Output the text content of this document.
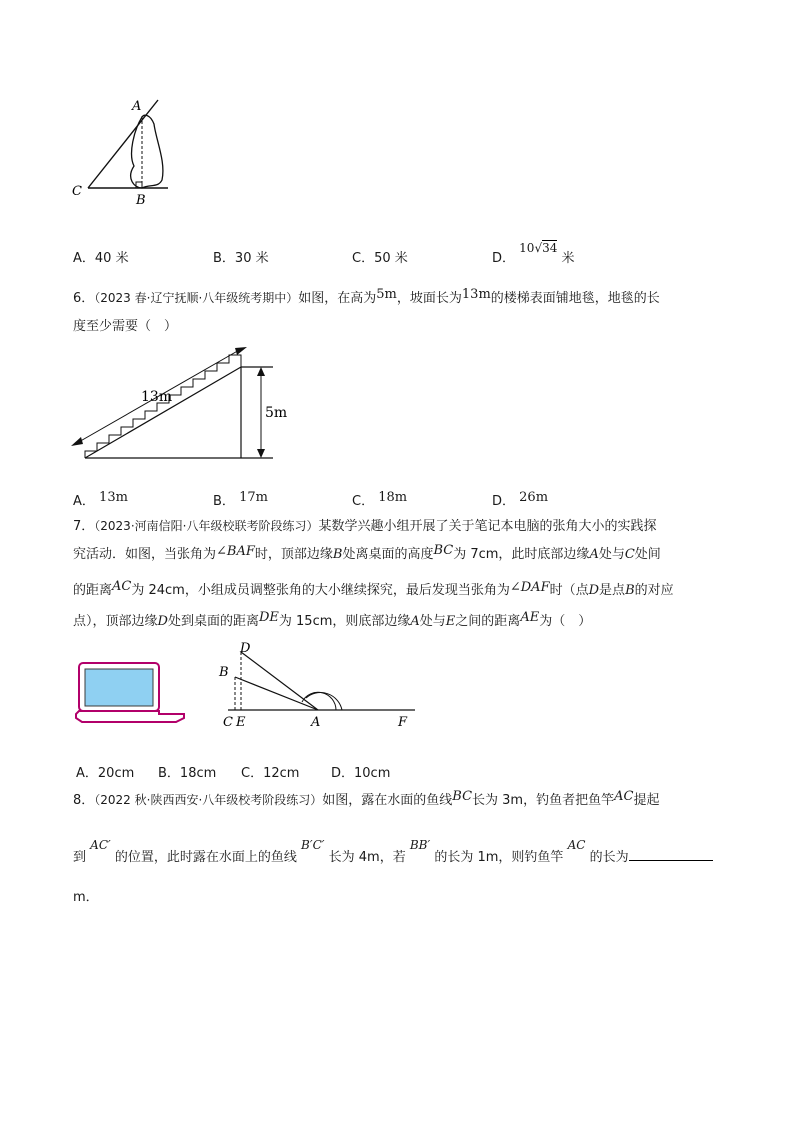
A
B
C
A．40 米	B．30 米	C．50 米	D． 10√34 米
6．（2023 春·辽宁抚顺·八年级统考期中）如图，在高为5m，坡面长为13m的楼梯表面铺地毯，地毯的长
度至少需要（　）
13m
5m
A． 13m	B． 17m	C． 18m	D． 26m
7．（2023·河南信阳·八年级校联考阶段练习）某数学兴趣小组开展了关于笔记本电脑的张角大小的实践探
究活动．如图，当张角为∠BAF时，顶部边缘B处离桌面的高度BC为 7cm，此时底部边缘A处与C处间
的距离AC为 24cm，小组成员调整张角的大小继续探究，最后发现当张角为∠DAF时（点D是点B的对应
点），顶部边缘D处到桌面的距离DE为 15cm，则底部边缘A处与E之间的距离AE为（　）
D
B
C E	A	F
A．20cm B．18cm C．12cm D．10cm
8．（2022 秋·陕西西安·八年级校考阶段练习）如图，露在水面的鱼线BC长为 3m，钓鱼者把鱼竿AC提起
到 AC′ 的位置，此时露在水面上的鱼线 B′C′ 长为 4m，若 BB′ 的长为 1m，则钓鱼竿 AC 的长为
m．
